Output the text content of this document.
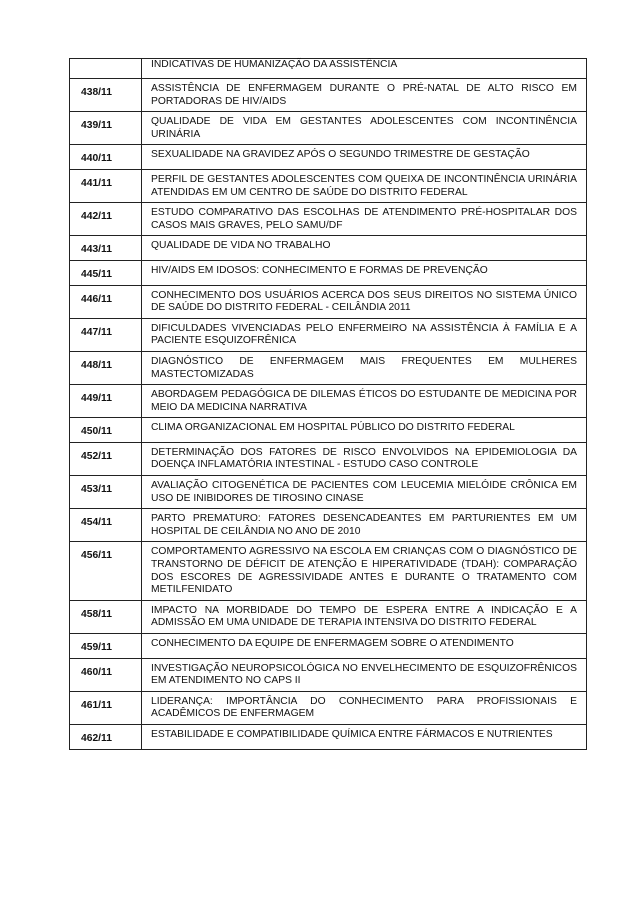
	INDICATIVAS DE HUMANIZAÇÃO DA ASSISTÊNCIA
438/11	ASSISTÊNCIA DE ENFERMAGEM DURANTE O PRÉ-NATAL DE ALTO RISCO EM PORTADORAS DE HIV/AIDS
439/11	QUALIDADE DE VIDA EM GESTANTES ADOLESCENTES COM INCONTINÊNCIA URINÁRIA
440/11	SEXUALIDADE NA GRAVIDEZ APÓS O SEGUNDO TRIMESTRE DE GESTAÇÃO
441/11	PERFIL DE GESTANTES ADOLESCENTES COM QUEIXA DE INCONTINÊNCIA URINÁRIA ATENDIDAS EM UM CENTRO DE SAÚDE DO DISTRITO FEDERAL
442/11	ESTUDO COMPARATIVO DAS ESCOLHAS DE ATENDIMENTO PRÉ-HOSPITALAR DOS CASOS MAIS GRAVES, PELO SAMU/DF
443/11	QUALIDADE DE VIDA NO TRABALHO
445/11	HIV/AIDS EM IDOSOS: CONHECIMENTO E FORMAS DE PREVENÇÃO
446/11	CONHECIMENTO DOS USUÁRIOS ACERCA DOS SEUS DIREITOS NO SISTEMA ÚNICO DE SAÚDE DO DISTRITO FEDERAL - CEILÂNDIA 2011
447/11	DIFICULDADES VIVENCIADAS PELO ENFERMEIRO NA ASSISTÊNCIA À FAMÍLIA E A PACIENTE ESQUIZOFRÊNICA
448/11	DIAGNÓSTICO DE ENFERMAGEM MAIS FREQUENTES EM MULHERES MASTECTOMIZADAS
449/11	ABORDAGEM PEDAGÓGICA DE DILEMAS ÉTICOS DO ESTUDANTE DE MEDICINA POR MEIO DA MEDICINA NARRATIVA
450/11	CLIMA ORGANIZACIONAL EM HOSPITAL PÚBLICO DO DISTRITO FEDERAL
452/11	DETERMINAÇÃO DOS FATORES DE RISCO ENVOLVIDOS NA EPIDEMIOLOGIA DA DOENÇA INFLAMATÓRIA INTESTINAL - ESTUDO CASO CONTROLE
453/11	AVALIAÇÃO CITOGENÉTICA DE PACIENTES COM LEUCEMIA MIELÓIDE CRÔNICA EM USO DE INIBIDORES DE TIROSINO CINASE
454/11	PARTO PREMATURO: FATORES DESENCADEANTES EM PARTURIENTES EM UM HOSPITAL DE CEILÂNDIA NO ANO DE 2010
456/11	COMPORTAMENTO AGRESSIVO NA ESCOLA EM CRIANÇAS COM O DIAGNÓSTICO DE TRANSTORNO DE DÉFICIT DE ATENÇÃO E HIPERATIVIDADE (TDAH): COMPARAÇÃO DOS ESCORES DE AGRESSIVIDADE ANTES E DURANTE O TRATAMENTO COM METILFENIDATO
458/11	IMPACTO NA MORBIDADE DO TEMPO DE ESPERA ENTRE A INDICAÇÃO E A ADMISSÃO EM UMA UNIDADE DE TERAPIA INTENSIVA DO DISTRITO FEDERAL
459/11	CONHECIMENTO DA EQUIPE DE ENFERMAGEM SOBRE O ATENDIMENTO
460/11	INVESTIGAÇÃO NEUROPSICOLÓGICA NO ENVELHECIMENTO DE ESQUIZOFRÊNICOS EM ATENDIMENTO NO CAPS II
461/11	LIDERANÇA: IMPORTÂNCIA DO CONHECIMENTO PARA PROFISSIONAIS E ACADÊMICOS DE ENFERMAGEM
462/11	ESTABILIDADE E COMPATIBILIDADE QUÍMICA ENTRE FÁRMACOS E NUTRIENTES
